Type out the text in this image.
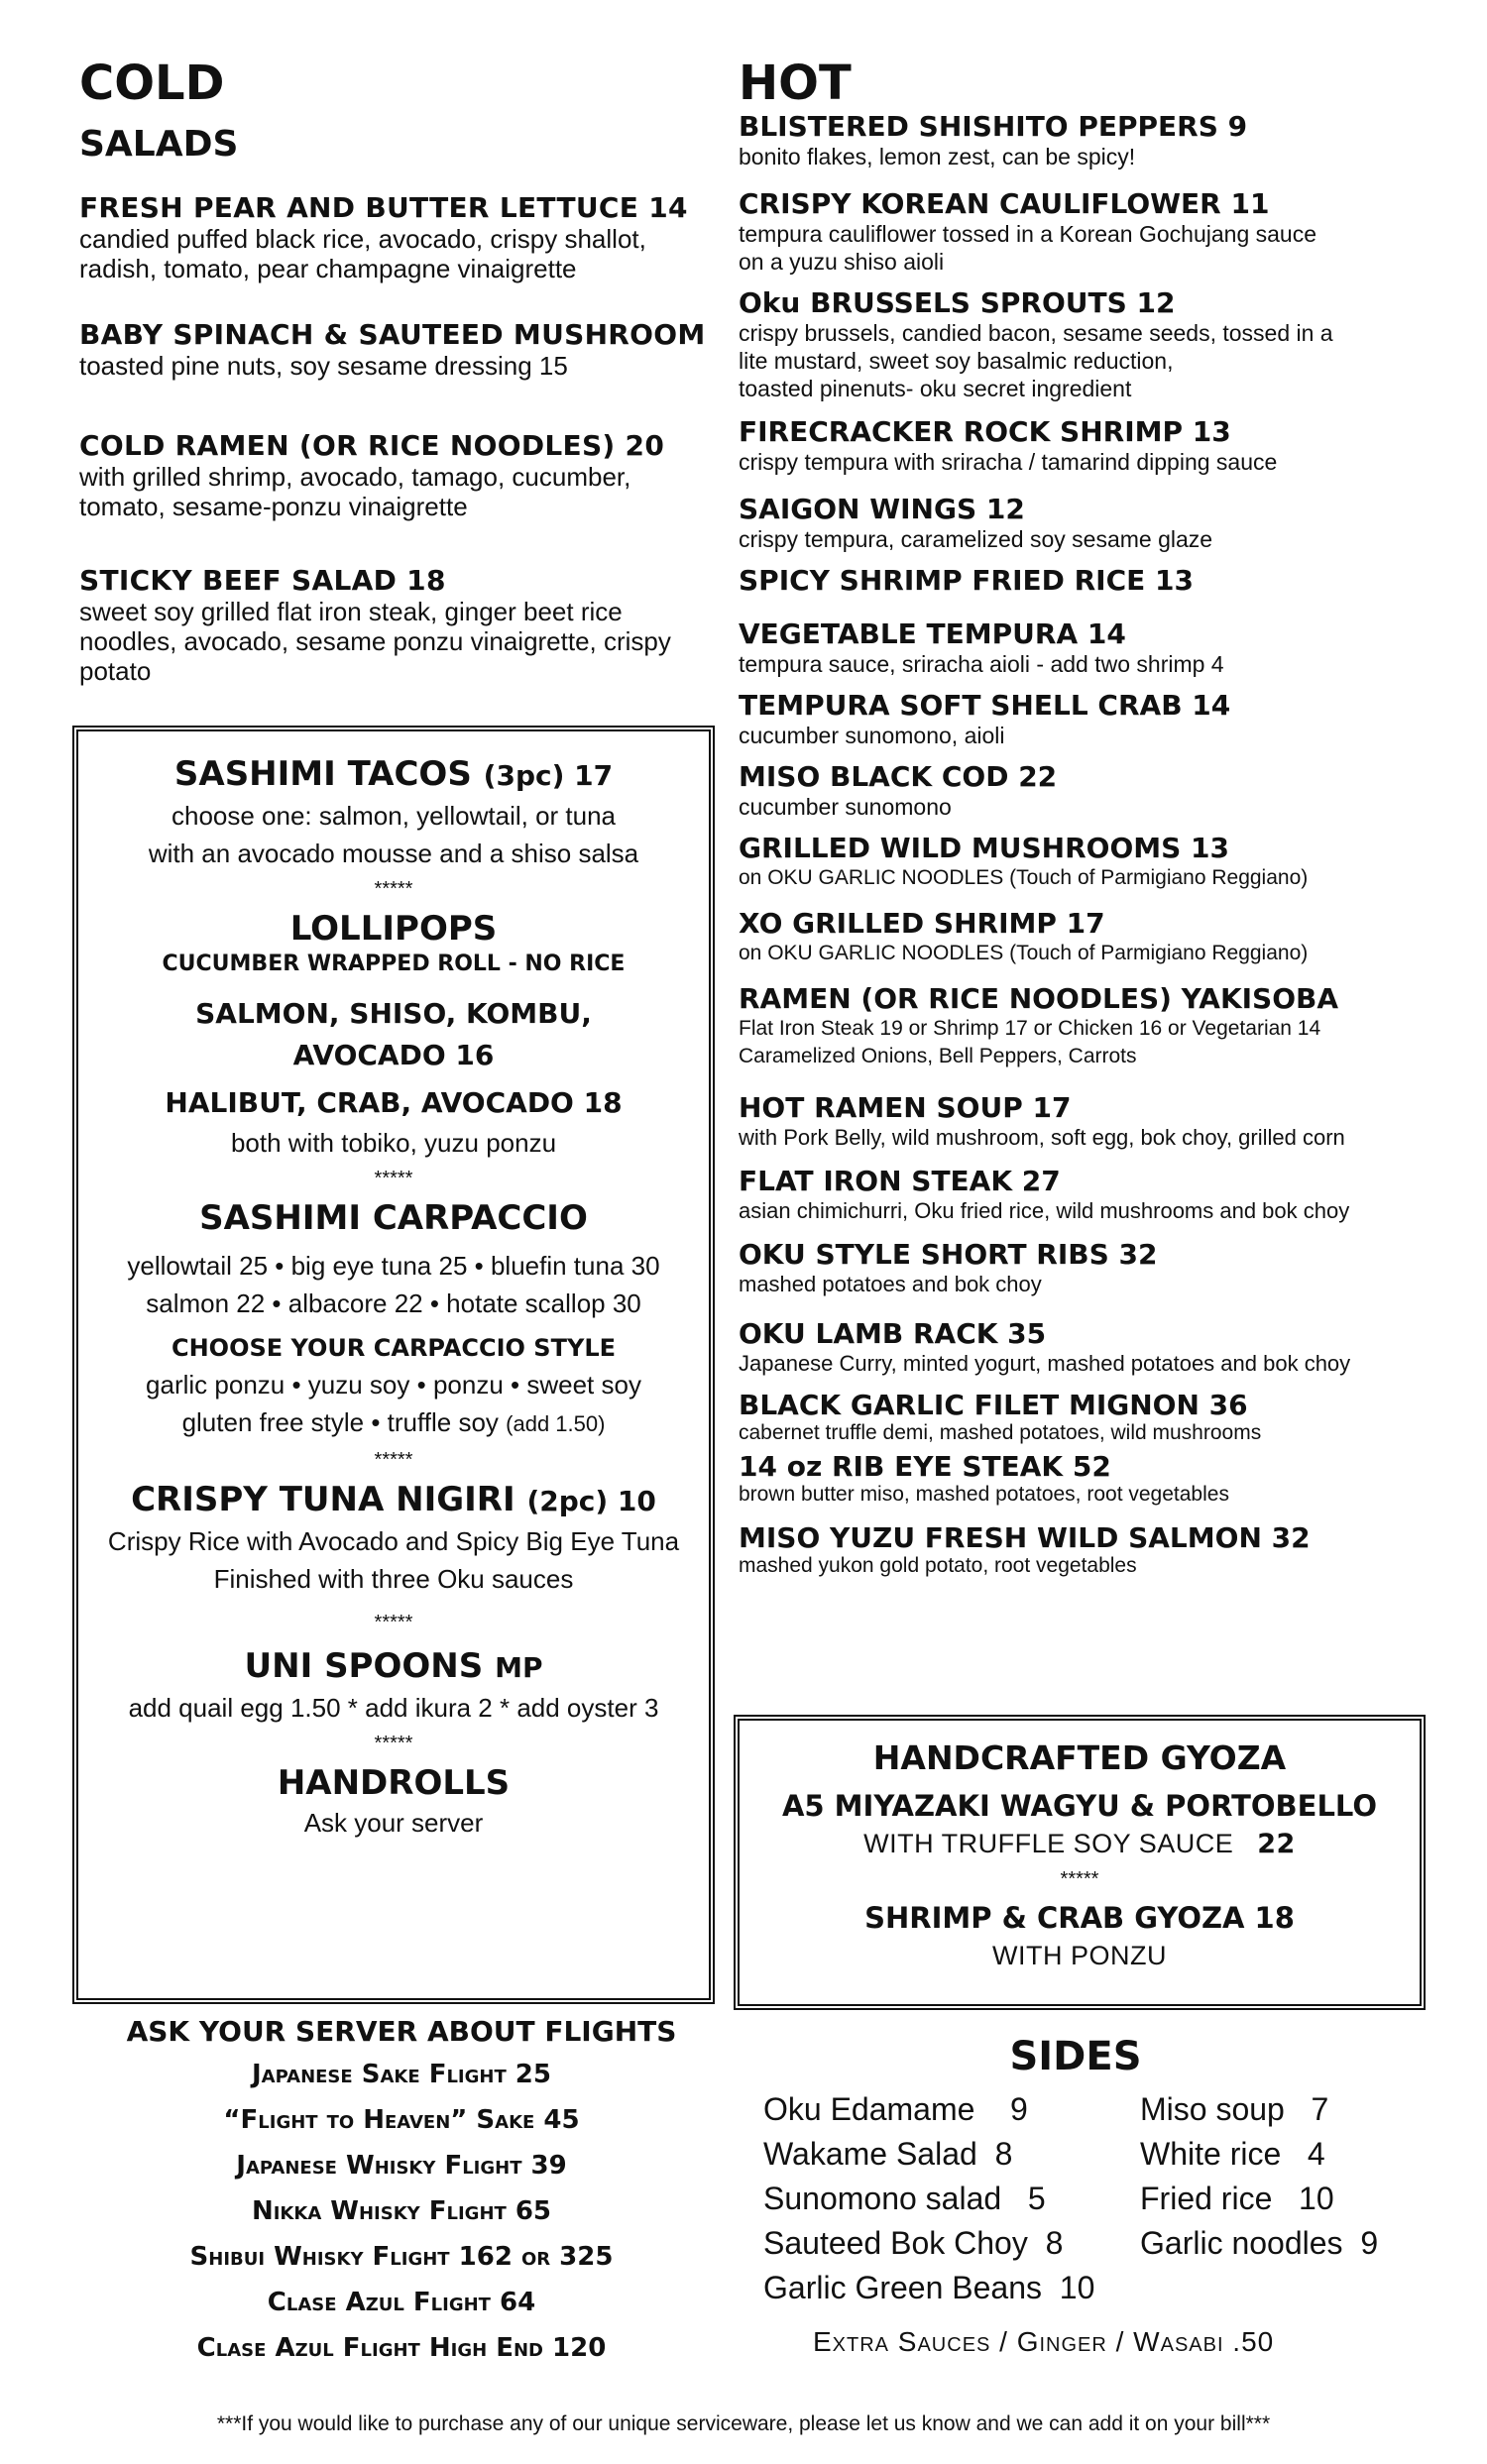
COLD
SALADS
FRESH PEAR AND BUTTER LETTUCE 14
candied puffed black rice, avocado, crispy shallot,
radish, tomato, pear champagne vinaigrette
BABY SPINACH & SAUTEED MUSHROOM
toasted pine nuts, soy sesame dressing 15
COLD RAMEN (OR RICE NOODLES) 20
with grilled shrimp, avocado, tamago, cucumber,
tomato, sesame-ponzu vinaigrette
STICKY BEEF SALAD 18
sweet soy grilled flat iron steak, ginger beet rice
noodles, avocado, sesame ponzu vinaigrette, crispy
potato
SASHIMI TACOS (3pc) 17
choose one: salmon, yellowtail, or tuna
with an avocado mousse and a shiso salsa
*****
LOLLIPOPS
CUCUMBER WRAPPED ROLL - NO RICE
SALMON, SHISO, KOMBU,
AVOCADO 16
HALIBUT, CRAB, AVOCADO 18
both with tobiko, yuzu ponzu
*****
SASHIMI CARPACCIO
yellowtail 25 • big eye tuna 25 • bluefin tuna 30
salmon 22 • albacore 22 • hotate scallop 30
CHOOSE YOUR CARPACCIO STYLE
garlic ponzu • yuzu soy • ponzu • sweet soy
gluten free style • truffle soy (add 1.50)
*****
CRISPY TUNA NIGIRI (2pc) 10
Crispy Rice with Avocado and Spicy Big Eye Tuna
Finished with three Oku sauces
*****
UNI SPOONS MP
add quail egg 1.50 * add ikura 2 * add oyster 3
*****
HANDROLLS
Ask your server
ASK YOUR SERVER ABOUT FLIGHTS
Japanese Sake Flight 25
“Flight to Heaven” Sake 45
Japanese Whisky Flight 39
Nikka Whisky Flight 65
Shibui Whisky Flight 162 or 325
Clase Azul Flight 64
Clase Azul Flight High End 120
HOT
BLISTERED SHISHITO PEPPERS 9
bonito flakes, lemon zest, can be spicy!
CRISPY KOREAN CAULIFLOWER 11
tempura cauliflower tossed in a Korean Gochujang sauce
on a yuzu shiso aioli
Oku BRUSSELS SPROUTS 12
crispy brussels, candied bacon, sesame seeds, tossed in a
lite mustard, sweet soy basalmic reduction,
toasted pinenuts- oku secret ingredient
FIRECRACKER ROCK SHRIMP 13
crispy tempura with sriracha / tamarind dipping sauce
SAIGON WINGS 12
crispy tempura, caramelized soy sesame glaze
SPICY SHRIMP FRIED RICE 13
VEGETABLE TEMPURA 14
tempura sauce, sriracha aioli - add two shrimp 4
TEMPURA SOFT SHELL CRAB 14
cucumber sunomono, aioli
MISO BLACK COD 22
cucumber sunomono
GRILLED WILD MUSHROOMS 13
on OKU GARLIC NOODLES (Touch of Parmigiano Reggiano)
XO GRILLED SHRIMP 17
on OKU GARLIC NOODLES (Touch of Parmigiano Reggiano)
RAMEN (OR RICE NOODLES) YAKISOBA
Flat Iron Steak 19 or Shrimp 17 or Chicken 16 or Vegetarian 14
Caramelized Onions, Bell Peppers, Carrots
HOT RAMEN SOUP 17
with Pork Belly, wild mushroom, soft egg, bok choy, grilled corn
FLAT IRON STEAK 27
asian chimichurri, Oku fried rice, wild mushrooms and bok choy
OKU STYLE SHORT RIBS 32
mashed potatoes and bok choy
OKU LAMB RACK 35
Japanese Curry, minted yogurt, mashed potatoes and bok choy
BLACK GARLIC FILET MIGNON 36
cabernet truffle demi, mashed potatoes, wild mushrooms
14 oz RIB EYE STEAK 52
brown butter miso, mashed potatoes, root vegetables
MISO YUZU FRESH WILD SALMON 32
mashed yukon gold potato, root vegetables
HANDCRAFTED GYOZA
A5 MIYAZAKI WAGYU & PORTOBELLO
WITH TRUFFLE SOY SAUCE 22
*****
SHRIMP & CRAB GYOZA 18
WITH PONZU
SIDES
Oku Edamame 9
Wakame Salad 8
Sunomono salad 5
Sauteed Bok Choy 8
Garlic Green Beans 10
Miso soup 7
White rice 4
Fried rice 10
Garlic noodles 9
Extra Sauces / Ginger / Wasabi .50
***If you would like to purchase any of our unique serviceware, please let us know and we can add it on your bill***
